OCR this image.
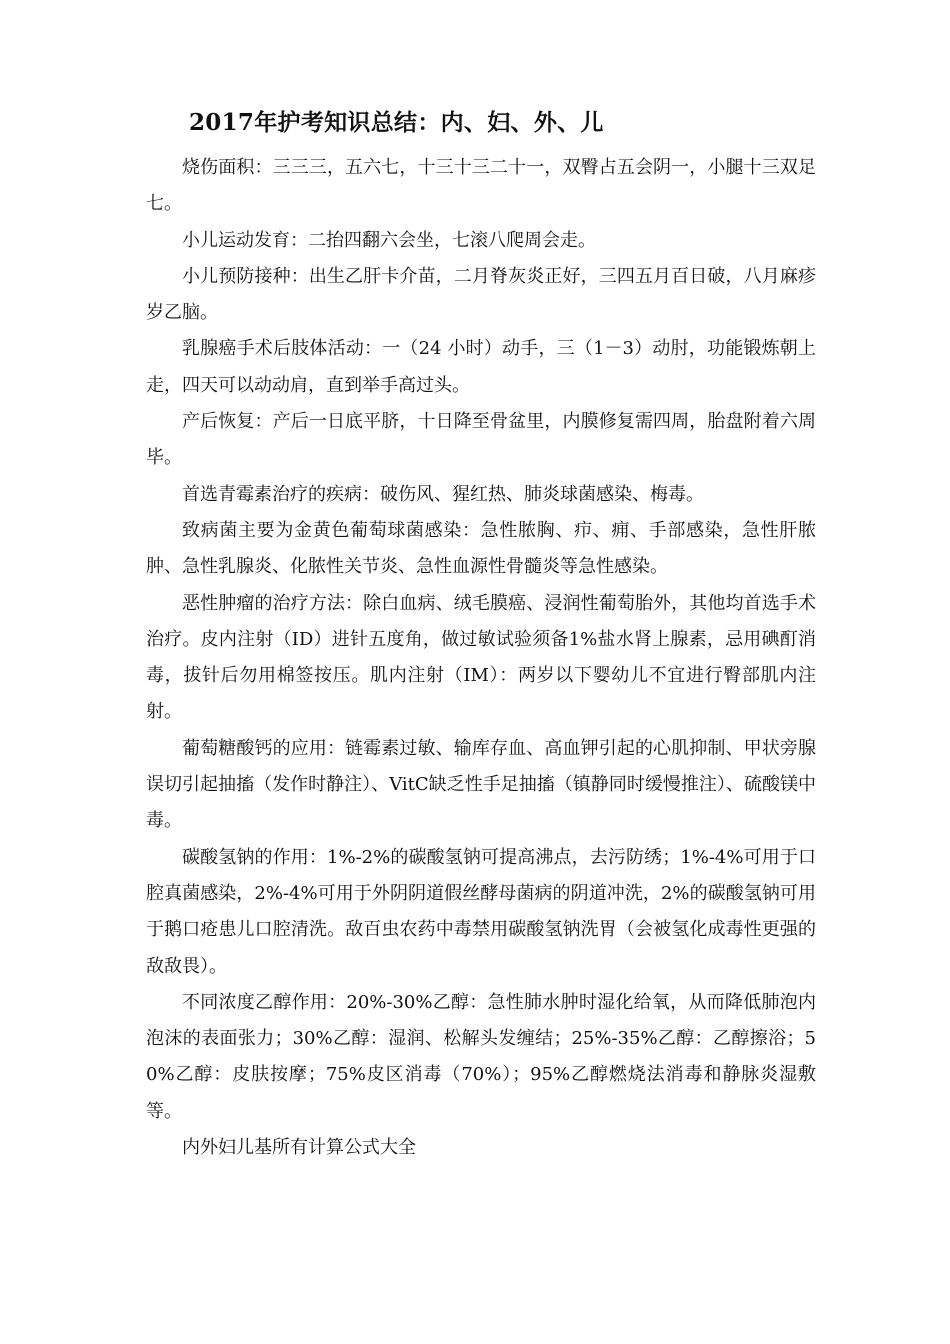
2017年护考知识总结：内、妇、外、儿

烧伤面积：三三三，五六七，十三十三二十一，双臀占五会阴一，小腿十三双足七。

小儿运动发育：二抬四翻六会坐，七滚八爬周会走。

小儿预防接种：出生乙肝卡介苗，二月脊灰炎正好，三四五月百日破，八月麻疹岁乙脑。

乳腺癌手术后肢体活动：一（24 小时）动手，三（1－3）动肘，功能锻炼朝上走，四天可以动动肩，直到举手高过头。

产后恢复：产后一日底平脐，十日降至骨盆里，内膜修复需四周，胎盘附着六周毕。

首选青霉素治疗的疾病：破伤风、猩红热、肺炎球菌感染、梅毒。

致病菌主要为金黄色葡萄球菌感染：急性脓胸、疖、痈、手部感染，急性肝脓肿、急性乳腺炎、化脓性关节炎、急性血源性骨髓炎等急性感染。

恶性肿瘤的治疗方法：除白血病、绒毛膜癌、浸润性葡萄胎外，其他均首选手术治疗。皮内注射（ID）进针五度角，做过敏试验须备1%盐水肾上腺素，忌用碘酊消毒，拔针后勿用棉签按压。肌内注射（IM）：两岁以下婴幼儿不宜进行臀部肌内注射。

葡萄糖酸钙的应用：链霉素过敏、输库存血、高血钾引起的心肌抑制、甲状旁腺误切引起抽搐（发作时静注）、VitC缺乏性手足抽搐（镇静同时缓慢推注）、硫酸镁中毒。

碳酸氢钠的作用：1%-2%的碳酸氢钠可提高沸点，去污防绣；1%-4%可用于口腔真菌感染，2%-4%可用于外阴阴道假丝酵母菌病的阴道冲洗，2%的碳酸氢钠可用于鹅口疮患儿口腔清洗。敌百虫农药中毒禁用碳酸氢钠洗胃（会被氢化成毒性更强的敌敌畏）。

不同浓度乙醇作用：20%-30%乙醇：急性肺水肿时湿化给氧，从而降低肺泡内泡沫的表面张力；30%乙醇：湿润、松解头发缠结；25%-35%乙醇：乙醇擦浴；50%乙醇：皮肤按摩；75%皮区消毒（70%）；95%乙醇燃烧法消毒和静脉炎湿敷等。

内外妇儿基所有计算公式大全
